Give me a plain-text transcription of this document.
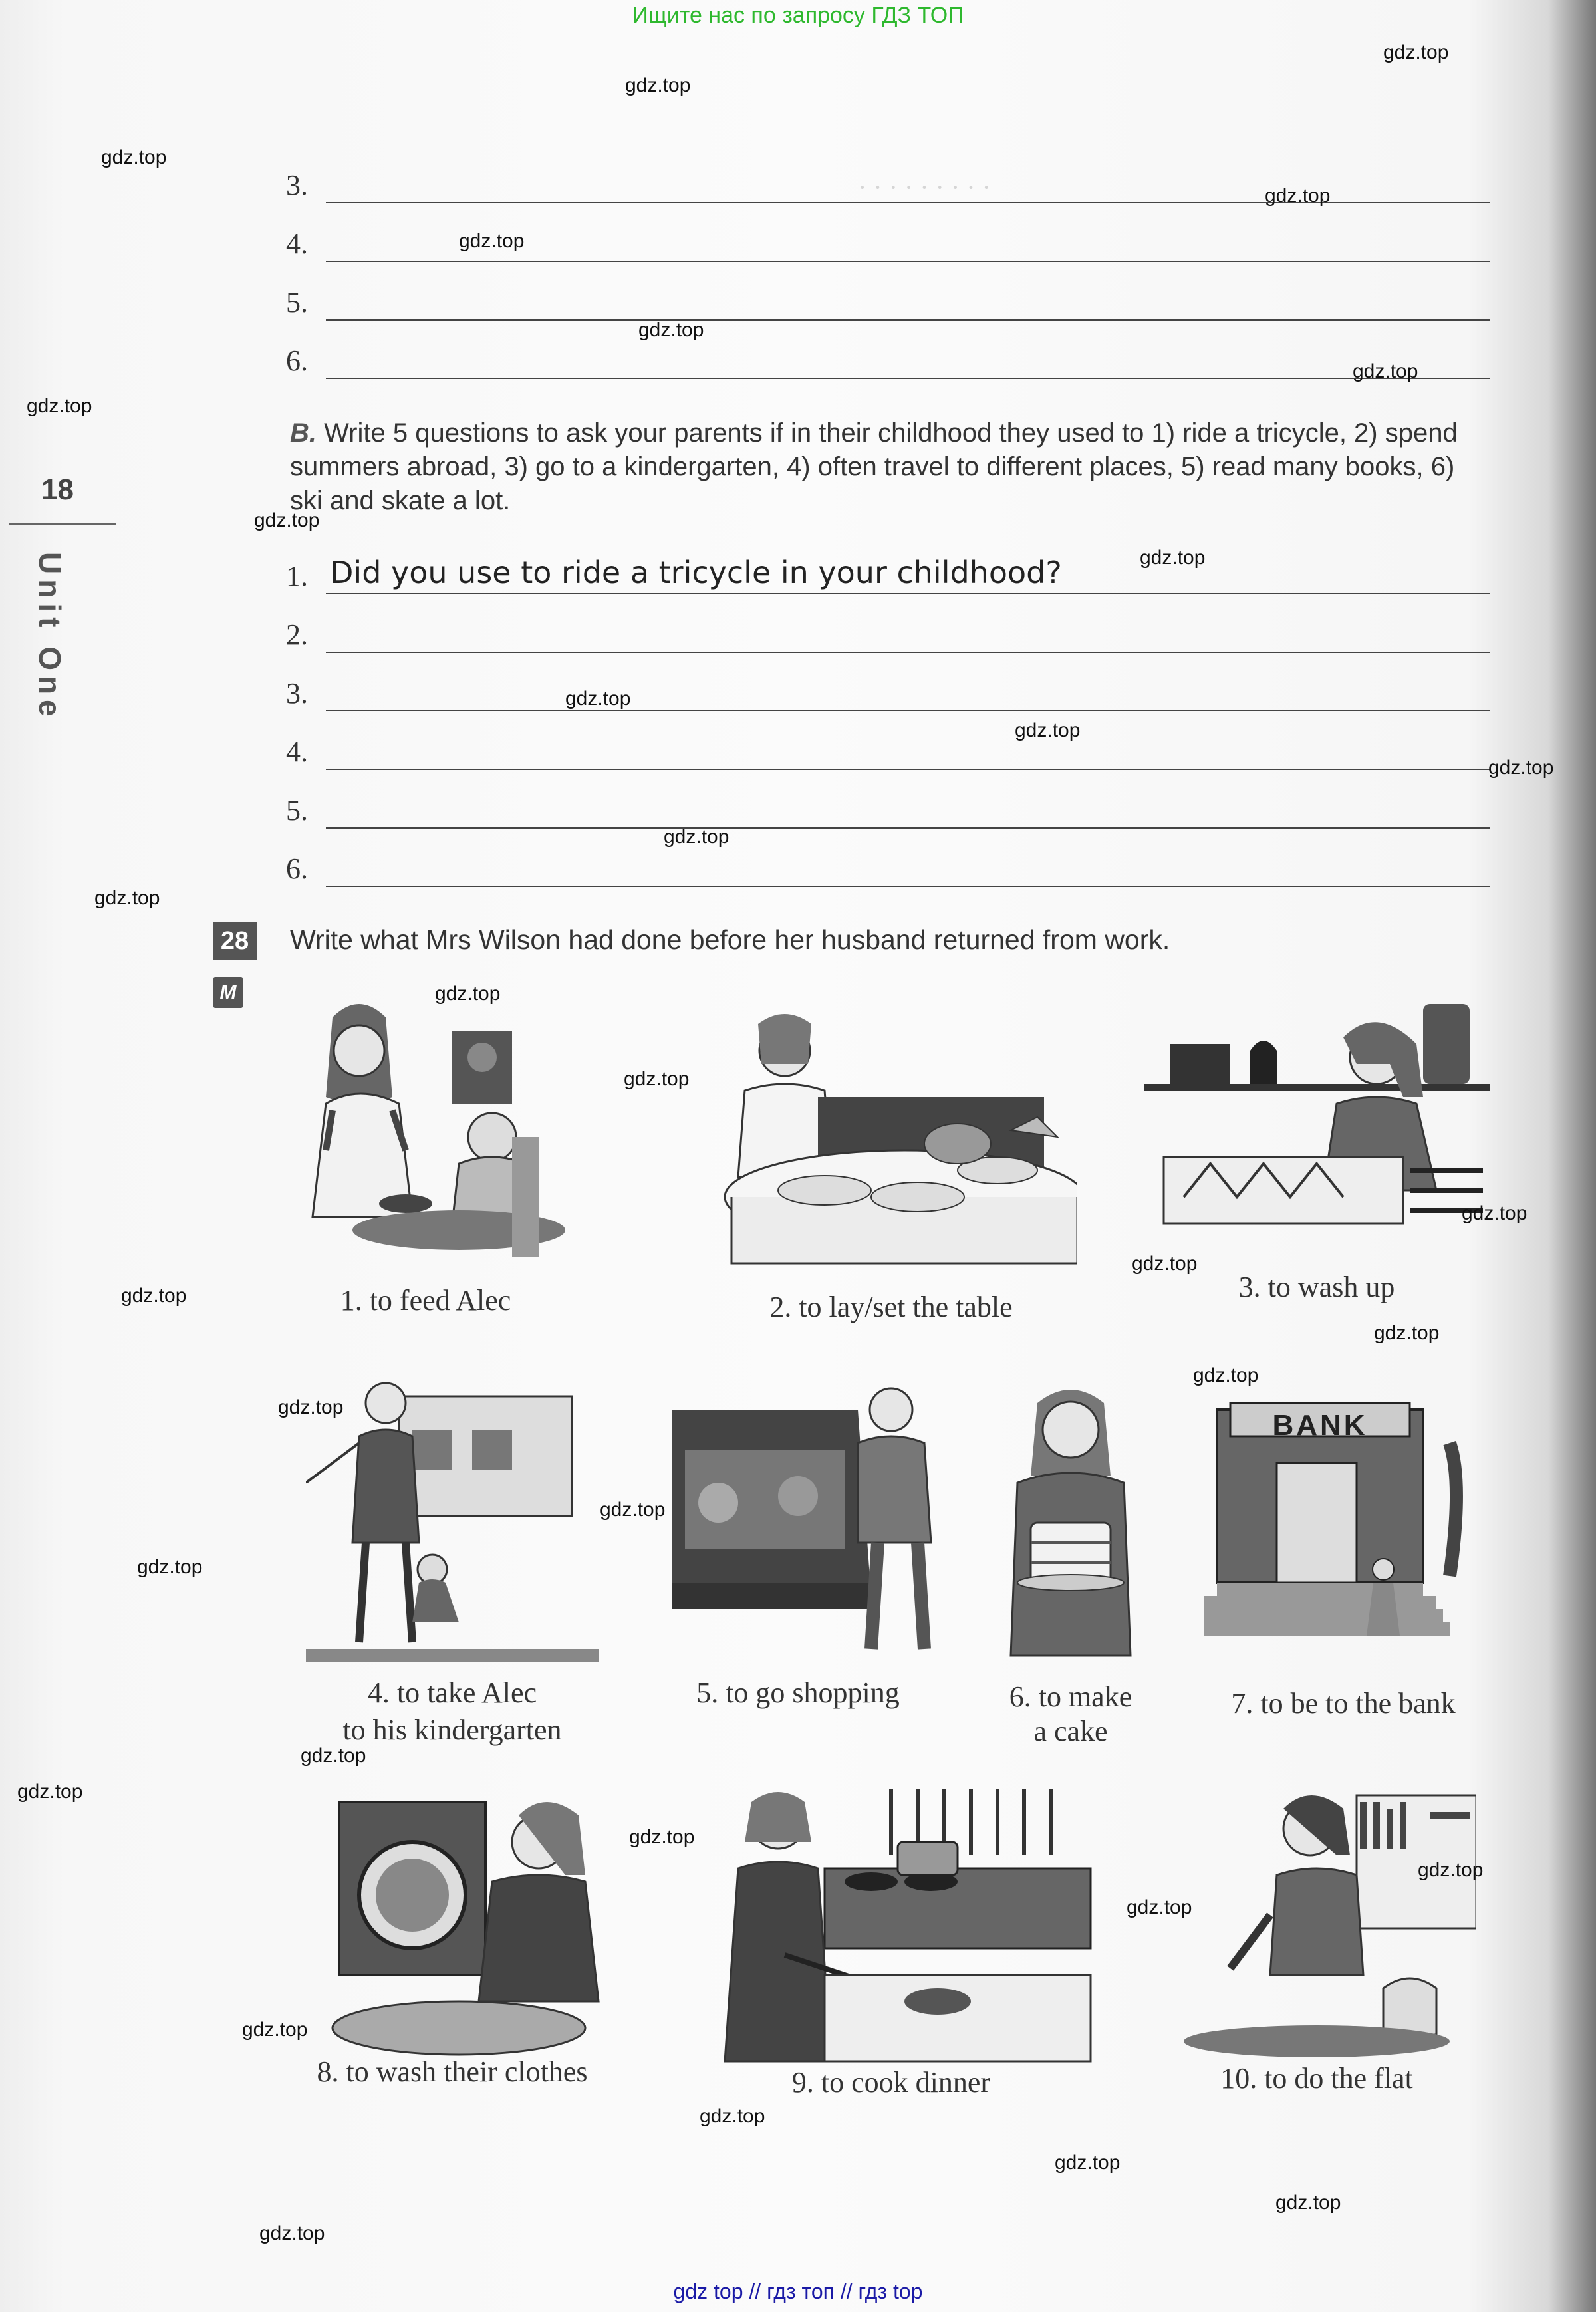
Ищите нас по запросу ГДЗ ТОП
· · · · · · · · ·
18
Unit One
3.
4.
5.
6.
B. Write 5 questions to ask your parents if in their childhood they used to 1) ride a tricycle, 2) spend summers abroad, 3) go to a kindergarten, 4) often travel to different places, 5) read many books, 6) ski and skate a lot.
1. Did you use to ride a tricycle in your childhood?
2.
3.
4.
5.
6.
28
M
Write what Mrs Wilson had done before her husband returned from work.
1. to feed Alec	2. to lay/set the table
3. to wash up
4. to take Alec
to his kindergarten
5. to go shopping	6. to make
a cake
BANK
7. to be to the bank
8. to wash their clothes	9. to cook dinner	10. to do the flat
gdz.top
gdz.top
gdz.top
gdz.top
gdz.top
gdz.top
gdz.top
gdz.top
gdz.top
gdz.top
gdz.top
gdz.top
gdz.top
gdz.top
gdz.top
gdz.top
gdz.top
gdz.top
gdz.top
gdz.top
gdz.top
gdz.top
gdz.top
gdz.top
gdz.top
gdz.top
gdz.top
gdz.top
gdz.top
gdz.top
gdz.top
gdz.top
gdz.top
gdz.top
gdz.top
gdz top // гдз топ // гдз top
